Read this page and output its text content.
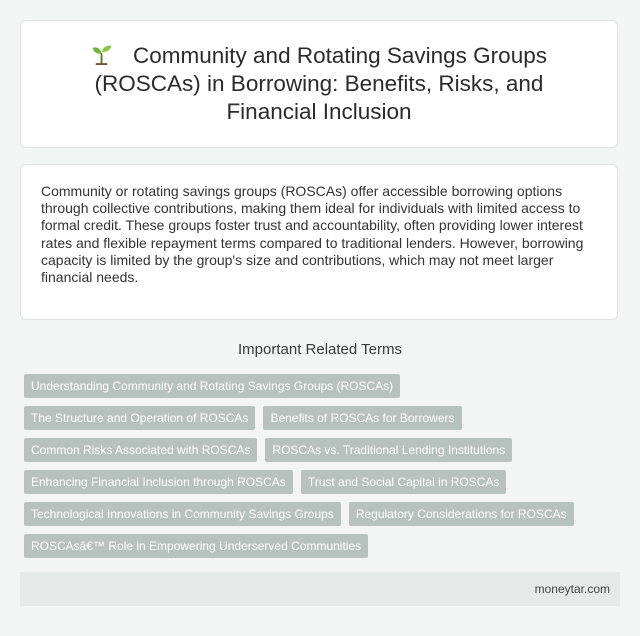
Community and Rotating Savings Groups (ROSCAs) in Borrowing: Benefits, Risks, and Financial Inclusion

Community or rotating savings groups (ROSCAs) offer accessible borrowing options through collective contributions, making them ideal for individuals with limited access to formal credit. These groups foster trust and accountability, often providing lower interest rates and flexible repayment terms compared to traditional lenders. However, borrowing capacity is limited by the group's size and contributions, which may not meet larger financial needs.

Important Related Terms
Understanding Community and Rotating Savings Groups (ROSCAs)
The Structure and Operation of ROSCAs	Benefits of ROSCAs for Borrowers
Common Risks Associated with ROSCAs	ROSCAs vs. Traditional Lending Institutions
Enhancing Financial Inclusion through ROSCAs	Trust and Social Capital in ROSCAs
Technological Innovations in Community Savings Groups	Regulatory Considerations for ROSCAs
ROSCAsâ€™ Role in Empowering Underserved Communities
moneytar.com
